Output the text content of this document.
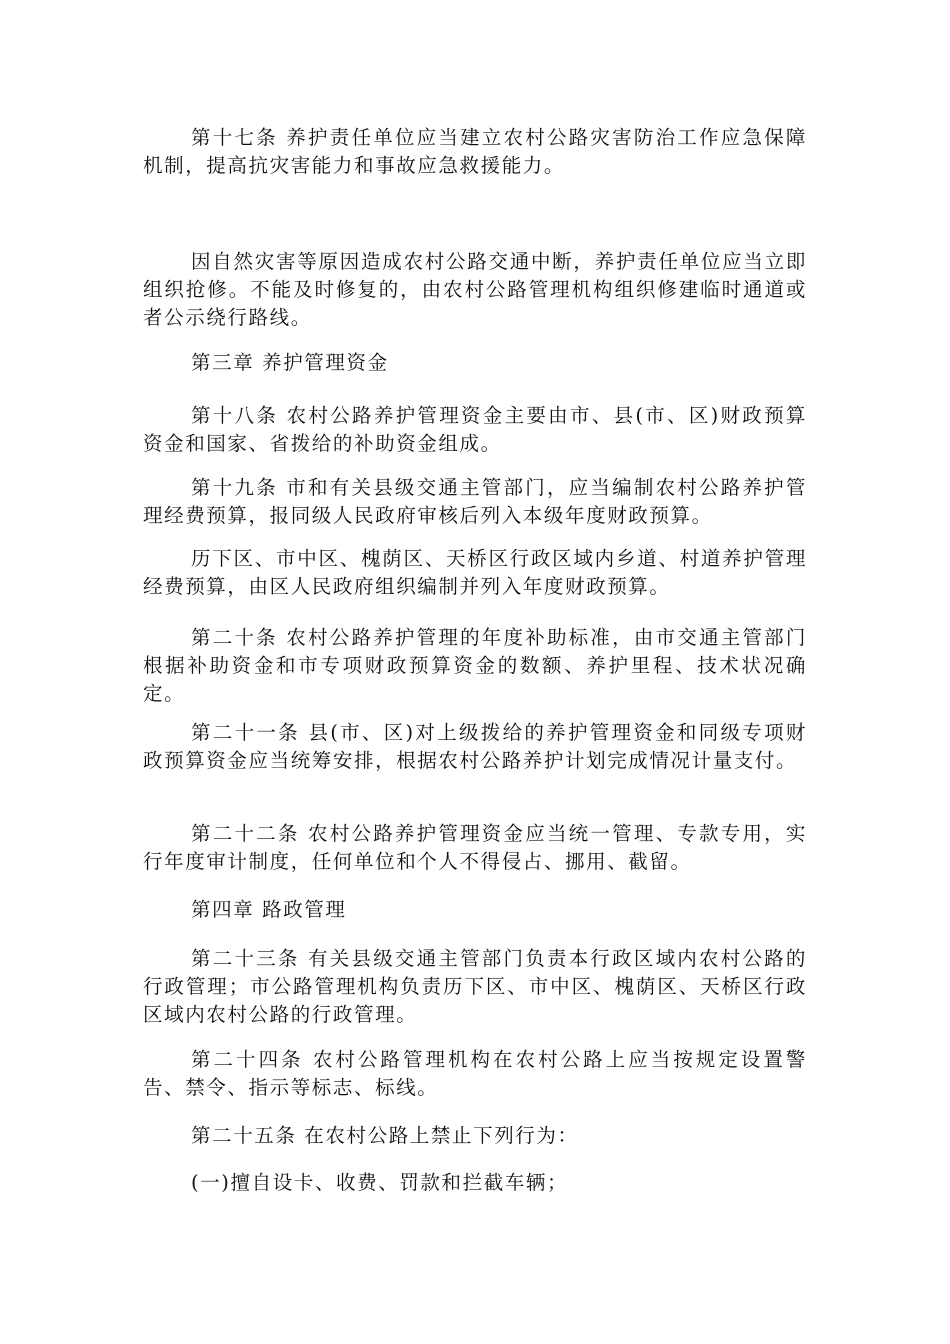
第十七条 养护责任单位应当建立农村公路灾害防治工作应急保障机制，提高抗灾害能力和事故应急救援能力。

因自然灾害等原因造成农村公路交通中断，养护责任单位应当立即组织抢修。不能及时修复的，由农村公路管理机构组织修建临时通道或者公示绕行路线。

第三章 养护管理资金

第十八条 农村公路养护管理资金主要由市、县(市、区)财政预算资金和国家、省拨给的补助资金组成。

第十九条 市和有关县级交通主管部门，应当编制农村公路养护管理经费预算，报同级人民政府审核后列入本级年度财政预算。

历下区、市中区、槐荫区、天桥区行政区域内乡道、村道养护管理经费预算，由区人民政府组织编制并列入年度财政预算。

第二十条 农村公路养护管理的年度补助标准，由市交通主管部门根据补助资金和市专项财政预算资金的数额、养护里程、技术状况确定。

第二十一条 县(市、区)对上级拨给的养护管理资金和同级专项财政预算资金应当统筹安排，根据农村公路养护计划完成情况计量支付。

第二十二条 农村公路养护管理资金应当统一管理、专款专用，实行年度审计制度，任何单位和个人不得侵占、挪用、截留。

第四章 路政管理

第二十三条 有关县级交通主管部门负责本行政区域内农村公路的行政管理；市公路管理机构负责历下区、市中区、槐荫区、天桥区行政区域内农村公路的行政管理。

第二十四条 农村公路管理机构在农村公路上应当按规定设置警告、禁令、指示等标志、标线。

第二十五条 在农村公路上禁止下列行为：

(一)擅自设卡、收费、罚款和拦截车辆；
